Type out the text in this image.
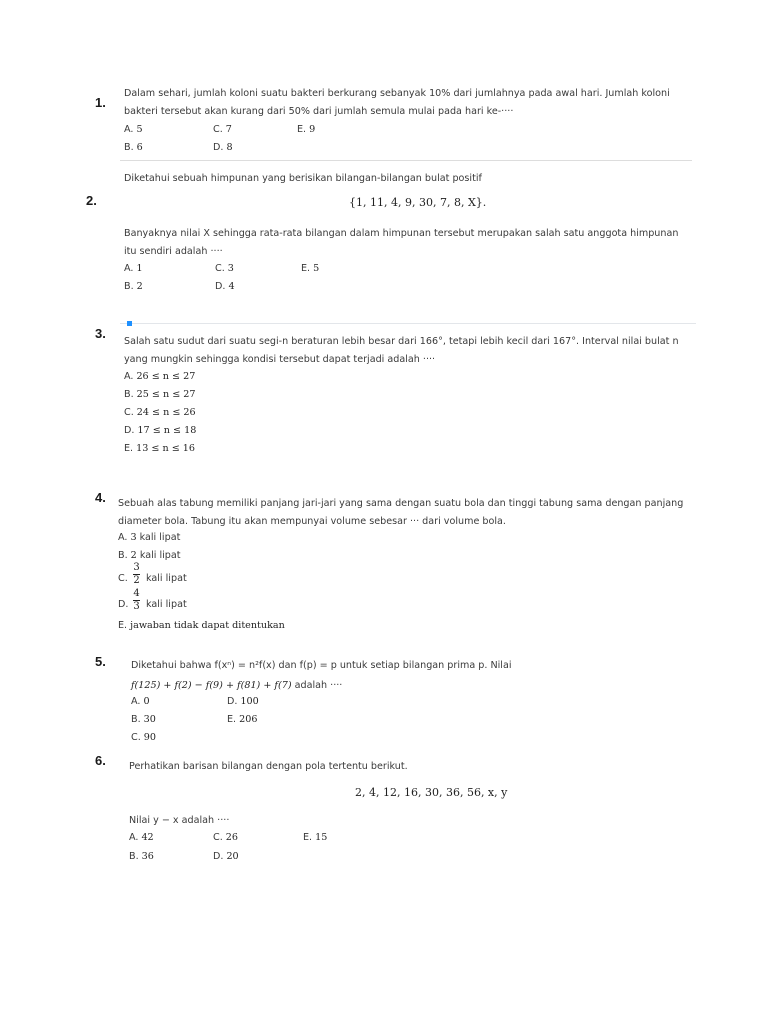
1.
Dalam sehari, jumlah koloni suatu bakteri berkurang sebanyak 10% dari jumlahnya pada awal hari. Jumlah koloni
bakteri tersebut akan kurang dari 50% dari jumlah semula mulai pada hari ke-····
A. 5	C. 7	E. 9
B. 6	D. 8
Diketahui sebuah himpunan yang berisikan bilangan-bilangan bulat positif
2.	{1, 11, 4, 9, 30, 7, 8, X}.
Banyaknya nilai X sehingga rata-rata bilangan dalam himpunan tersebut merupakan salah satu anggota himpunan
itu sendiri adalah ····
A. 1	C. 3	E. 5
B. 2	D. 4
3.
Salah satu sudut dari suatu segi-n beraturan lebih besar dari 166°, tetapi lebih kecil dari 167°. Interval nilai bulat n
yang mungkin sehingga kondisi tersebut dapat terjadi adalah ····
A. 26 ≤ n ≤ 27
B. 25 ≤ n ≤ 27
C. 24 ≤ n ≤ 26
D. 17 ≤ n ≤ 18
E. 13 ≤ n ≤ 16
4. Sebuah alas tabung memiliki panjang jari-jari yang sama dengan suatu bola dan tinggi tabung sama dengan panjang
diameter bola. Tabung itu akan mempunyai volume sebesar ··· dari volume bola.
A. 3 kali lipat
B. 2 kali lipat
C.
3
2 kali lipat
D.
4
3 kali lipat
E. jawaban tidak dapat ditentukan
5.	Diketahui bahwa f(xⁿ) = n²f(x) dan f(p) = p untuk setiap bilangan prima p. Nilai
f(125) + f(2) − f(9) + f(81) + f(7) adalah ····
A. 0	D. 100
B. 30	E. 206
C. 90
6. Perhatikan barisan bilangan dengan pola tertentu berikut.
2, 4, 12, 16, 30, 36, 56, x, y
Nilai y − x adalah ····
A. 42	C. 26	E. 15
B. 36	D. 20
